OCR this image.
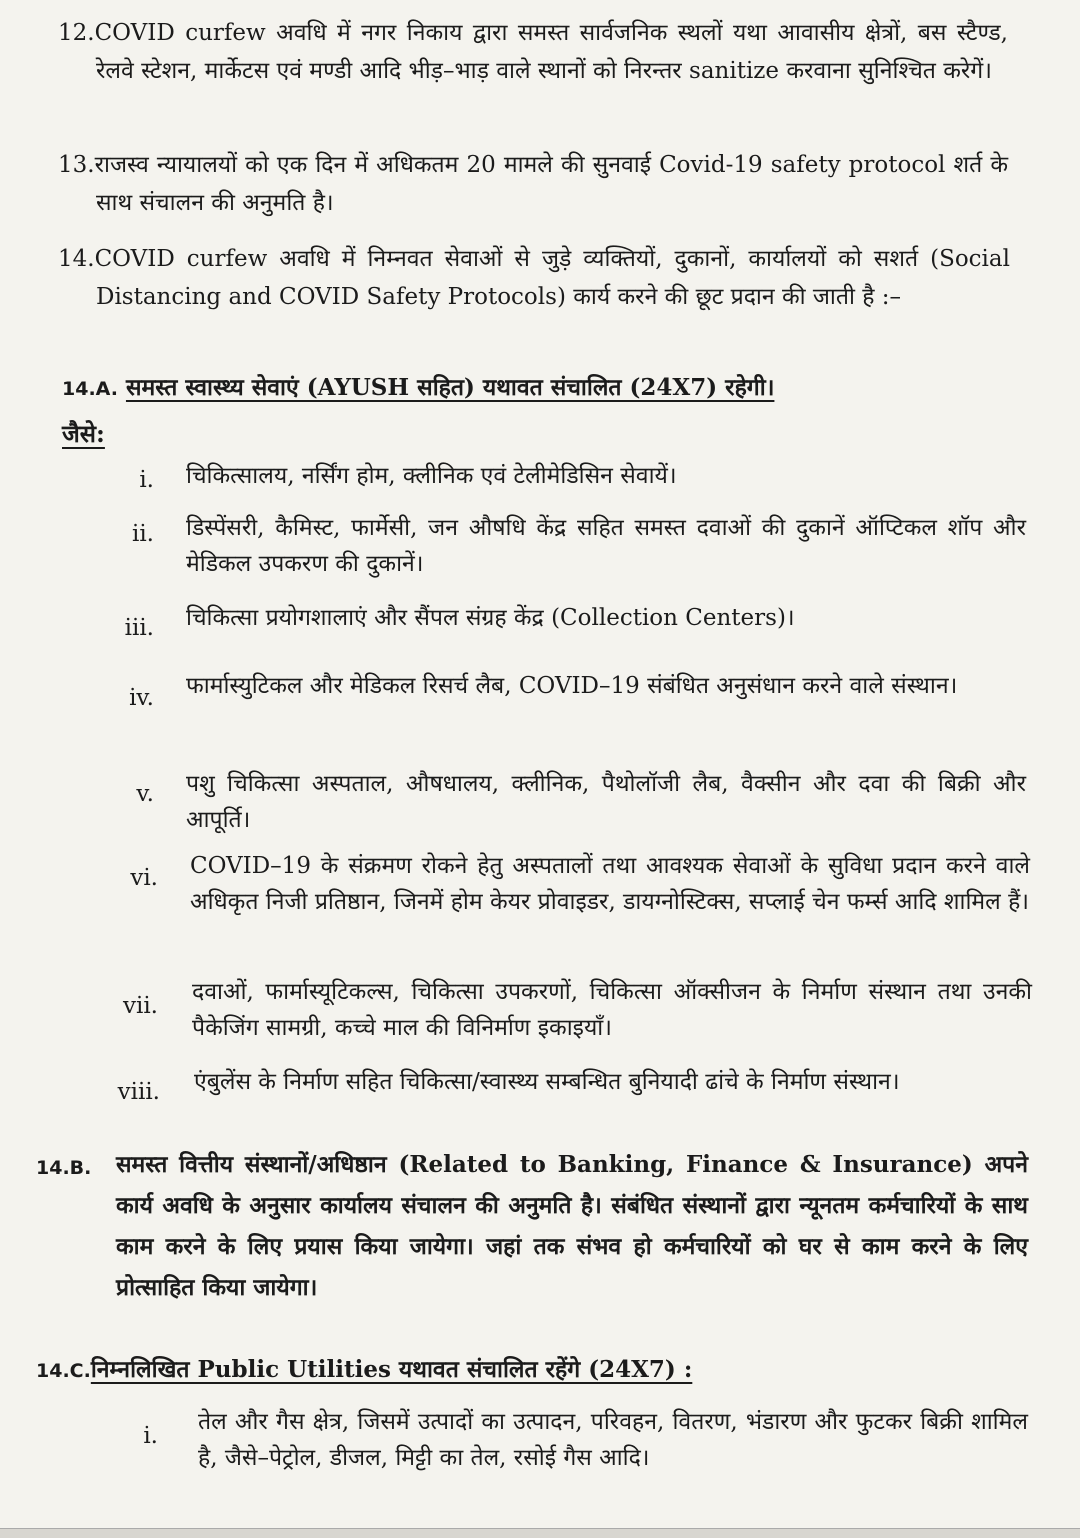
12.COVID curfew अवधि में नगर निकाय द्वारा समस्त सार्वजनिक स्थलों यथा आवासीय क्षेत्रों, बस स्टैण्ड, रेलवे स्टेशन, मार्केटस एवं मण्डी आदि भीड़–भाड़ वाले स्थानों को निरन्तर sanitize करवाना सुनिश्चित करेगें।
13.राजस्व न्यायालयों को एक दिन में अधिकतम 20 मामले की सुनवाई Covid-19 safety protocol शर्त के साथ संचालन की अनुमति है।
14.COVID curfew अवधि में निम्नवत सेवाओं से जुड़े व्यक्तियों, दुकानों, कार्यालयों को सशर्त (Social Distancing and COVID Safety Protocols) कार्य करने की छूट प्रदान की जाती है :–
14.A. समस्त स्वास्थ्य सेवाएं (AYUSH सहित) यथावत संचालित (24X7) रहेगी।
जैसे:
i. चिकित्सालय, नर्सिंग होम, क्लीनिक एवं टेलीमेडिसिन सेवायें।
ii. डिस्पेंसरी, कैमिस्ट, फार्मेसी, जन औषधि केंद्र सहित समस्त दवाओं की दुकानें ऑप्टिकल शॉप और मेडिकल उपकरण की दुकानें।
iii. चिकित्सा प्रयोगशालाएं और सैंपल संग्रह केंद्र (Collection Centers)।
iv. फार्मास्युटिकल और मेडिकल रिसर्च लैब, COVID–19 संबंधित अनुसंधान करने वाले संस्थान।
v. पशु चिकित्सा अस्पताल, औषधालय, क्लीनिक, पैथोलॉजी लैब, वैक्सीन और दवा की बिक्री और आपूर्ति।
vi. COVID–19 के संक्रमण रोकने हेतु अस्पतालों तथा आवश्यक सेवाओं के सुविधा प्रदान करने वाले अधिकृत निजी प्रतिष्ठान, जिनमें होम केयर प्रोवाइडर, डायग्नोस्टिक्स, सप्लाई चेन फर्म्स आदि शामिल हैं।
vii.
दवाओं, फार्मास्यूटिकल्स, चिकित्सा उपकरणों, चिकित्सा ऑक्सीजन के निर्माण संस्थान तथा उनकी पैकेजिंग सामग्री, कच्चे माल की विनिर्माण इकाइयाँ।
viii. एंबुलेंस के निर्माण सहित चिकित्सा/स्वास्थ्य सम्बन्धित बुनियादी ढांचे के निर्माण संस्थान।
14.B. समस्त वित्तीय संस्थानों/अधिष्ठान (Related to Banking, Finance & Insurance) अपने कार्य अवधि के अनुसार कार्यालय संचालन की अनुमति है। संबंधित संस्थानों द्वारा न्यूनतम कर्मचारियों के साथ काम करने के लिए प्रयास किया जायेगा। जहां तक संभव हो कर्मचारियों को घर से काम करने के लिए प्रोत्साहित किया जायेगा।
14.C.निम्नलिखित Public Utilities यथावत संचालित रहेंगे (24X7) :
i.
तेल और गैस क्षेत्र, जिसमें उत्पादों का उत्पादन, परिवहन, वितरण, भंडारण और फुटकर बिक्री शामिल है, जैसे–पेट्रोल, डीजल, मिट्टी का तेल, रसोई गैस आदि।
